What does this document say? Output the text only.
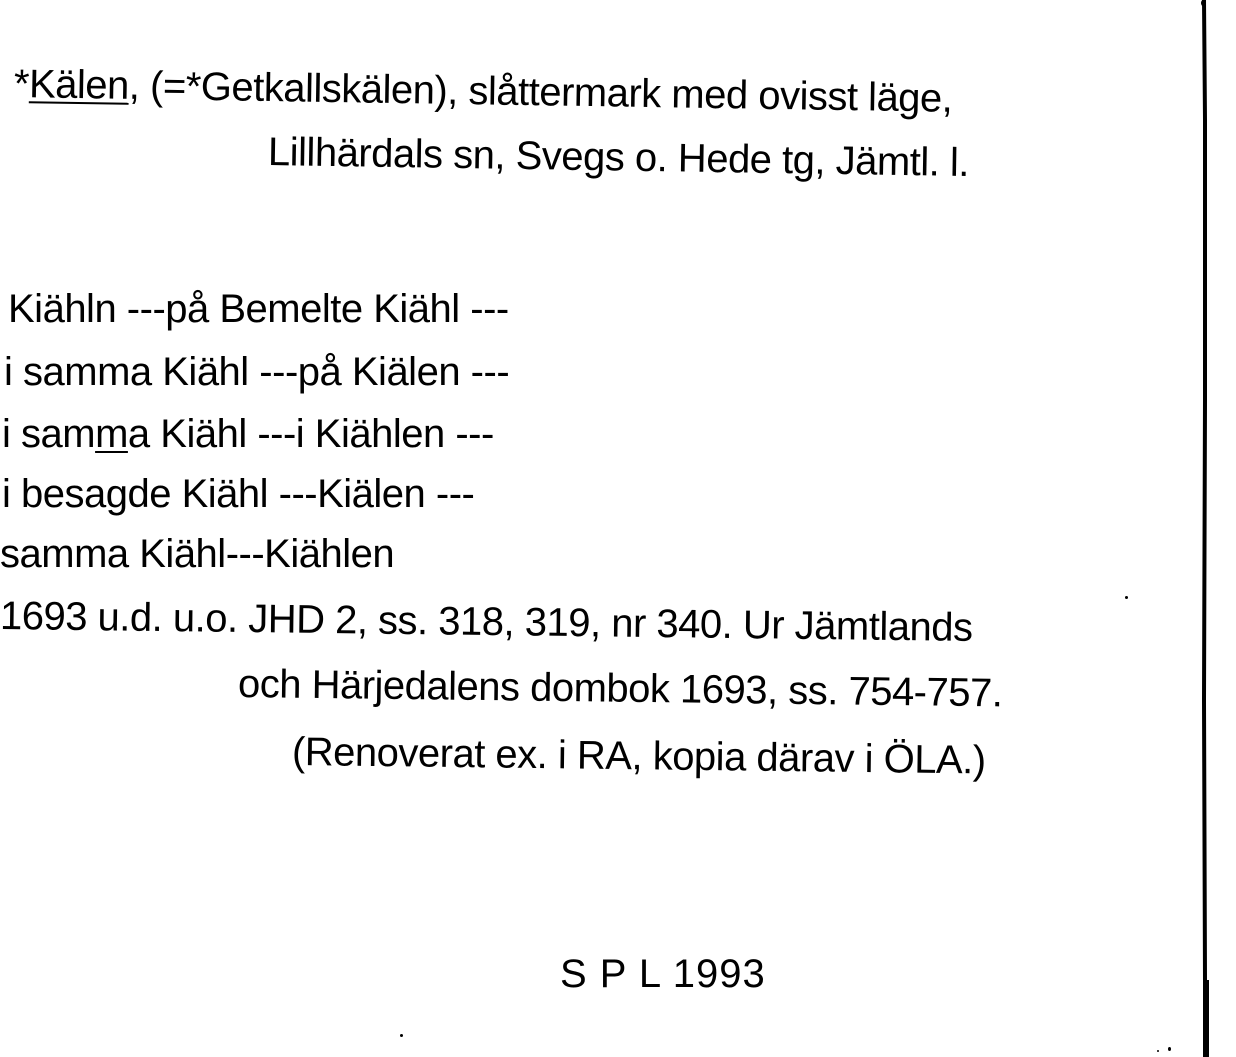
*Kälen, (=*Getkallskälen), slåttermark med ovisst läge,
Lillhärdals sn, Svegs o. Hede tg, Jämtl. l.
Kiähln ---på Bemelte Kiähl ---
i samma Kiähl ---på Kiälen ---
i samma Kiähl ---i Kiählen ---
i besagde Kiähl ---Kiälen ---
samma Kiähl---Kiählen
1693 u.d. u.o. JHD 2, ss. 318, 319, nr 340. Ur Jämtlands
och Härjedalens dombok 1693, ss. 754-757.
(Renoverat ex. i RA, kopia därav i ÖLA.)
S P L 1993
